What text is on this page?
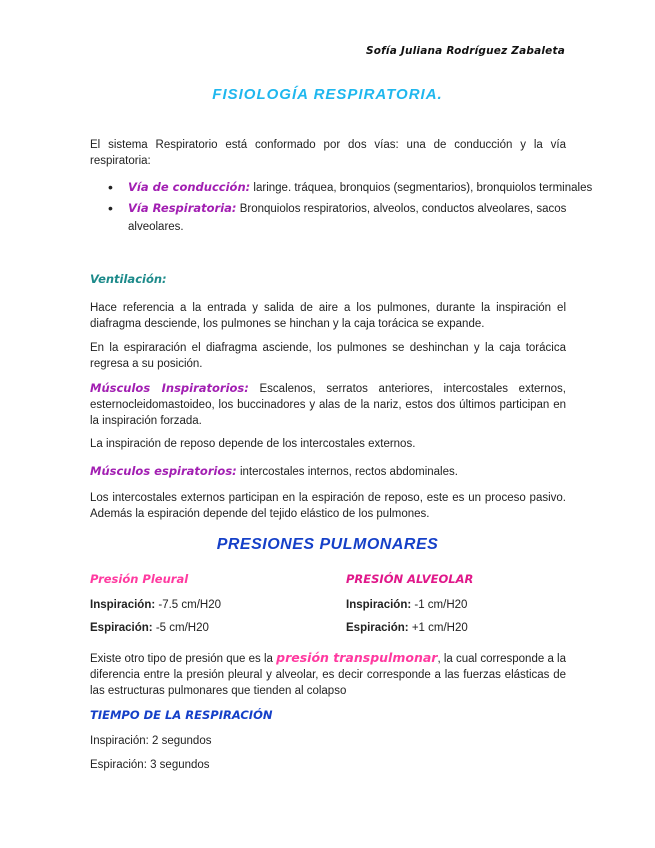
Sofía Juliana Rodríguez Zabaleta
FISIOLOGÍA RESPIRATORIA.
El sistema Respiratorio está conformado por dos vías: una de conducción y la vía respiratoria:
• Vía de conducción: laringe. tráquea, bronquios (segmentarios), bronquiolos terminales
• Vía Respiratoria: Bronquiolos respiratorios, alveolos, conductos alveolares, sacos alveolares.
Ventilación:
Hace referencia a la entrada y salida de aire a los pulmones, durante la inspiración el diafragma desciende, los pulmones se hinchan y la caja torácica se expande.
En la espiraración el diafragma asciende, los pulmones se deshinchan y la caja torácica regresa a su posición.
Músculos Inspiratorios: Escalenos, serratos anteriores, intercostales externos, esternocleidomastoideo, los buccinadores y alas de la nariz, estos dos últimos participan en la inspiración forzada.
La inspiración de reposo depende de los intercostales externos.
Músculos espiratorios: intercostales internos, rectos abdominales.
Los intercostales externos participan en la espiración de reposo, este es un proceso pasivo. Además la espiración depende del tejido elástico de los pulmones.
PRESIONES PULMONARES
Presión Pleural
Inspiración: -7.5 cm/H20
Espiración: -5 cm/H20
PRESIÓN ALVEOLAR
Inspiración: -1 cm/H20
Espiración: +1 cm/H20
Existe otro tipo de presión que es la presión transpulmonar, la cual corresponde a la diferencia entre la presión pleural y alveolar, es decir corresponde a las fuerzas elásticas de las estructuras pulmonares que tienden al colapso
TIEMPO DE LA RESPIRACIÓN
Inspiración: 2 segundos
Espiración: 3 segundos
